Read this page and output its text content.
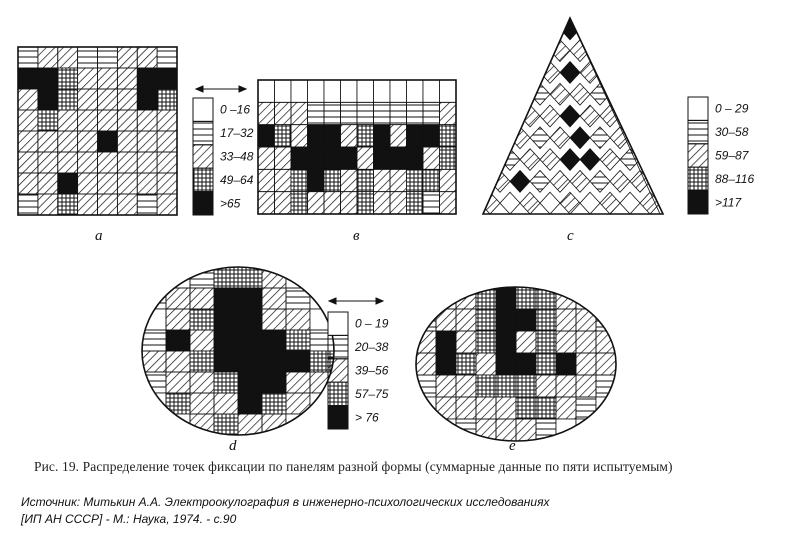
0 –16
17–32
33–48
49–64
>65
0 – 29
30–58
59–87
88–116
>117
0 – 19
20–38
39–56
57–75
> 76
a	в	c
d	e
Рис. 19. Распределение точек фиксации по панелям разной формы (суммарные данные по пяти испытуемым)
Источник: Митькин А.А. Электроокулография в инженерно-психологических исследованиях
[ИП АН СССР] - М.: Наука, 1974. - с.90
